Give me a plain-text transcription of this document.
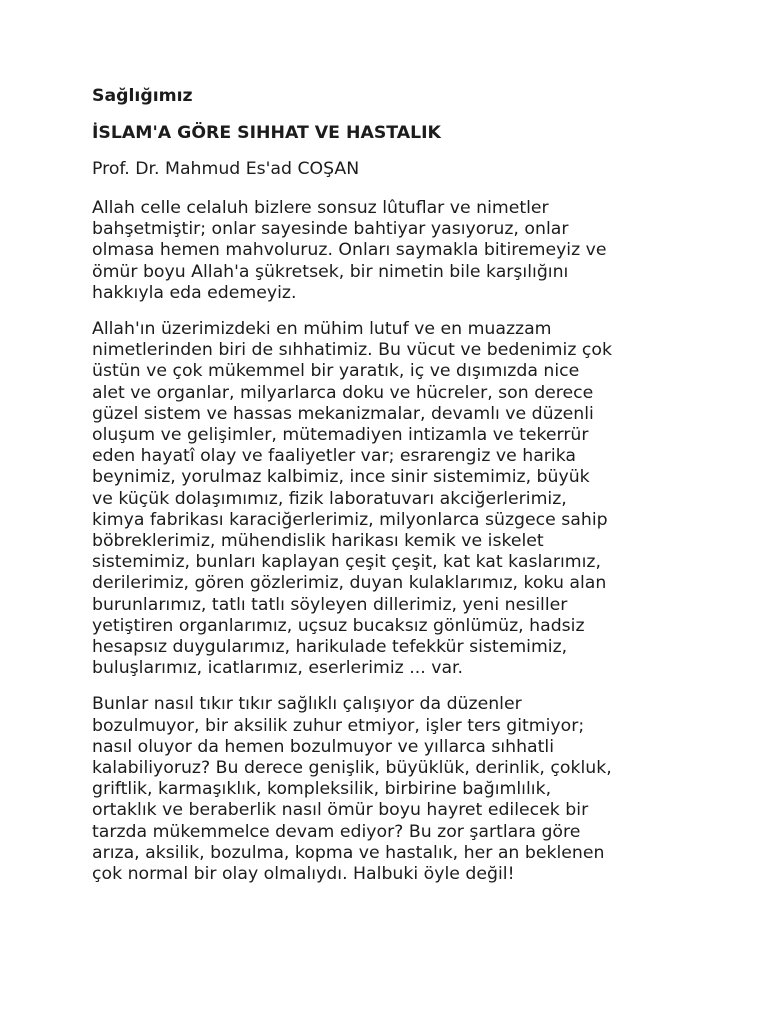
Sağlığımız
İSLAM'A GÖRE SIHHAT VE HASTALIK
Prof. Dr. Mahmud Es'ad COŞAN
Allah celle celaluh bizlere sonsuz lûtuflar ve nimetler
bahşetmiştir; onlar sayesinde bahtiyar yasıyoruz, onlar
olmasa hemen mahvoluruz. Onları saymakla bitiremeyiz ve
ömür boyu Allah'a şükretsek, bir nimetin bile karşılığını
hakkıyla eda edemeyiz.
Allah'ın üzerimizdeki en mühim lutuf ve en muazzam
nimetlerinden biri de sıhhatimiz. Bu vücut ve bedenimiz çok
üstün ve çok mükemmel bir yaratık, iç ve dışımızda nice
alet ve organlar, milyarlarca doku ve hücreler, son derece
güzel sistem ve hassas mekanizmalar, devamlı ve düzenli
oluşum ve gelişimler, mütemadiyen intizamla ve tekerrür
eden hayatî olay ve faaliyetler var; esrarengiz ve harika
beynimiz, yorulmaz kalbimiz, ince sinir sistemimiz, büyük
ve küçük dolaşımımız, fizik laboratuvarı akciğerlerimiz,
kimya fabrikası karaciğerlerimiz, milyonlarca süzgece sahip
böbreklerimiz, mühendislik harikası kemik ve iskelet
sistemimiz, bunları kaplayan çeşit çeşit, kat kat kaslarımız,
derilerimiz, gören gözlerimiz, duyan kulaklarımız, koku alan
burunlarımız, tatlı tatlı söyleyen dillerimiz, yeni nesiller
yetiştiren organlarımız, uçsuz bucaksız gönlümüz, hadsiz
hesapsız duygularımız, harikulade tefekkür sistemimiz,
buluşlarımız, icatlarımız, eserlerimiz ... var.
Bunlar nasıl tıkır tıkır sağlıklı çalışıyor da düzenler
bozulmuyor, bir aksilik zuhur etmiyor, işler ters gitmiyor;
nasıl oluyor da hemen bozulmuyor ve yıllarca sıhhatli
kalabiliyoruz? Bu derece genişlik, büyüklük, derinlik, çokluk,
griftlik, karmaşıklık, kompleksilik, birbirine bağımlılık,
ortaklık ve beraberlik nasıl ömür boyu hayret edilecek bir
tarzda mükemmelce devam ediyor? Bu zor şartlara göre
arıza, aksilik, bozulma, kopma ve hastalık, her an beklenen
çok normal bir olay olmalıydı. Halbuki öyle değil!
